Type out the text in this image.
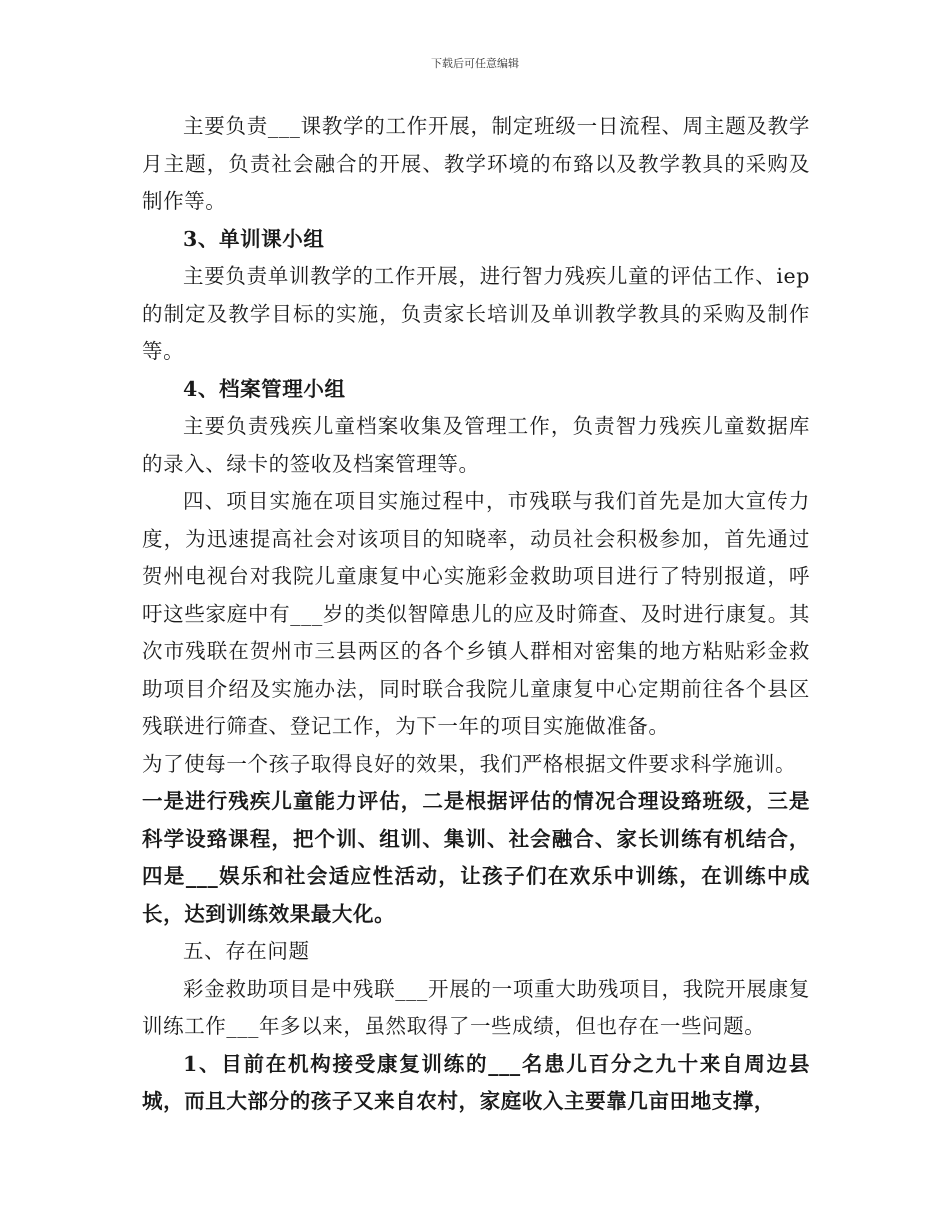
下载后可任意编辑

主要负责___课教学的工作开展，制定班级一日流程、周主题及教学月主题，负责社会融合的开展、教学环境的布臵以及教学教具的采购及制作等。

3、单训课小组

主要负责单训教学的工作开展，进行智力残疾儿童的评估工作、iep的制定及教学目标的实施，负责家长培训及单训教学教具的采购及制作等。

4、档案管理小组

主要负责残疾儿童档案收集及管理工作，负责智力残疾儿童数据库的录入、绿卡的签收及档案管理等。

四、项目实施在项目实施过程中，市残联与我们首先是加大宣传力度，为迅速提高社会对该项目的知晓率，动员社会积极参加，首先通过贺州电视台对我院儿童康复中心实施彩金救助项目进行了特别报道，呼吁这些家庭中有___岁的类似智障患儿的应及时筛查、及时进行康复。其次市残联在贺州市三县两区的各个乡镇人群相对密集的地方粘贴彩金救助项目介绍及实施办法，同时联合我院儿童康复中心定期前往各个县区残联进行筛查、登记工作，为下一年的项目实施做准备。

为了使每一个孩子取得良好的效果，我们严格根据文件要求科学施训。

一是进行残疾儿童能力评估，二是根据评估的情况合理设臵班级，三是科学设臵课程，把个训、组训、集训、社会融合、家长训练有机结合，四是___娱乐和社会适应性活动，让孩子们在欢乐中训练，在训练中成长，达到训练效果最大化。

五、存在问题

彩金救助项目是中残联___开展的一项重大助残项目，我院开展康复训练工作___年多以来，虽然取得了一些成绩，但也存在一些问题。

1、目前在机构接受康复训练的___名患儿百分之九十来自周边县城，而且大部分的孩子又来自农村，家庭收入主要靠几亩田地支撑，
